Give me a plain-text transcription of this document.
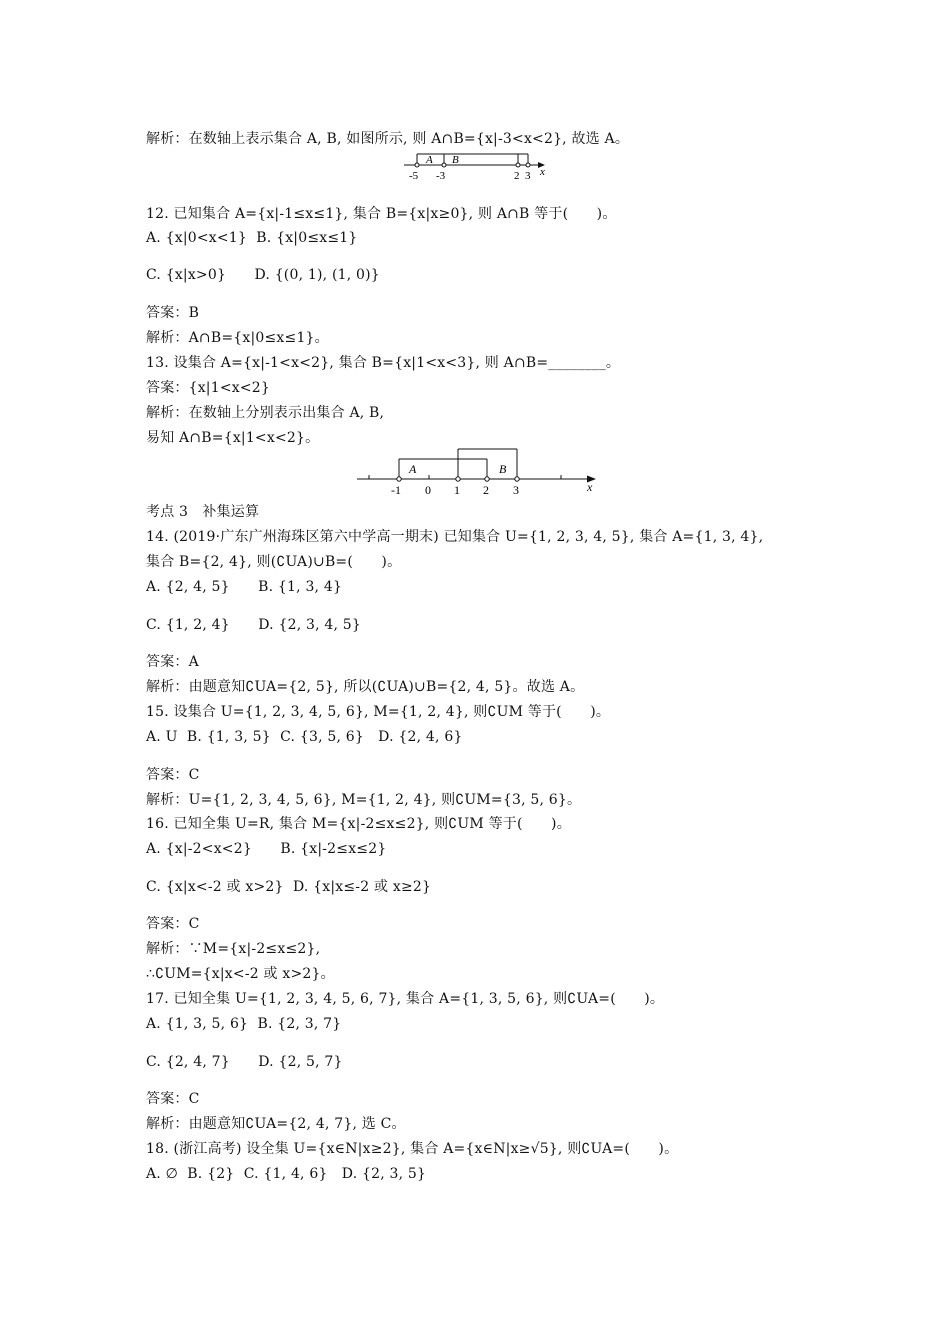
解析：在数轴上表示集合 A, B, 如图所示, 则 A∩B={x|-3<x<2}, 故选 A。
A B
x
-5 -3	2 3
12. 已知集合 A={x|-1≤x≤1}, 集合 B={x|x≥0}, 则 A∩B 等于(　　)。
A. {x|0<x<1}  B. {x|0≤x≤1}
C. {x|x>0}　　D. {(0, 1), (1, 0)}
答案：B
解析：A∩B={x|0≤x≤1}。
13. 设集合 A={x|-1<x<2}, 集合 B={x|1<x<3}, 则 A∩B=________。
答案：{x|1<x<2}
解析：在数轴上分别表示出集合 A, B,
易知 A∩B={x|1<x<2}。
A	B
x
-1 0 1 2 3
考点 3　补集运算
14. (2019·广东广州海珠区第六中学高一期末) 已知集合 U={1, 2, 3, 4, 5}, 集合 A={1, 3, 4},
集合 B={2, 4}, 则(∁UA)∪B=(　　)。
A. {2, 4, 5}　　B. {1, 3, 4}
C. {1, 2, 4}　　D. {2, 3, 4, 5}
答案：A
解析：由题意知∁UA={2, 5}, 所以(∁UA)∪B={2, 4, 5}。故选 A。
15. 设集合 U={1, 2, 3, 4, 5, 6}, M={1, 2, 4}, 则∁UM 等于(　　)。
A. U  B. {1, 3, 5}  C. {3, 5, 6}　D. {2, 4, 6}
答案：C
解析：U={1, 2, 3, 4, 5, 6}, M={1, 2, 4}, 则∁UM={3, 5, 6}。
16. 已知全集 U=R, 集合 M={x|-2≤x≤2}, 则∁UM 等于(　　)。
A. {x|-2<x<2}　　B. {x|-2≤x≤2}
C. {x|x<-2 或 x>2}  D. {x|x≤-2 或 x≥2}
答案：C
解析：∵M={x|-2≤x≤2},
∴∁UM={x|x<-2 或 x>2}。
17. 已知全集 U={1, 2, 3, 4, 5, 6, 7}, 集合 A={1, 3, 5, 6}, 则∁UA=(　　)。
A. {1, 3, 5, 6}  B. {2, 3, 7}
C. {2, 4, 7}　　D. {2, 5, 7}
答案：C
解析：由题意知∁UA={2, 4, 7}, 选 C。
18. (浙江高考) 设全集 U={x∈N|x≥2}, 集合 A={x∈N|x≥√5}, 则∁UA=(　　)。
A. ∅  B. {2}  C. {1, 4, 6}　D. {2, 3, 5}
